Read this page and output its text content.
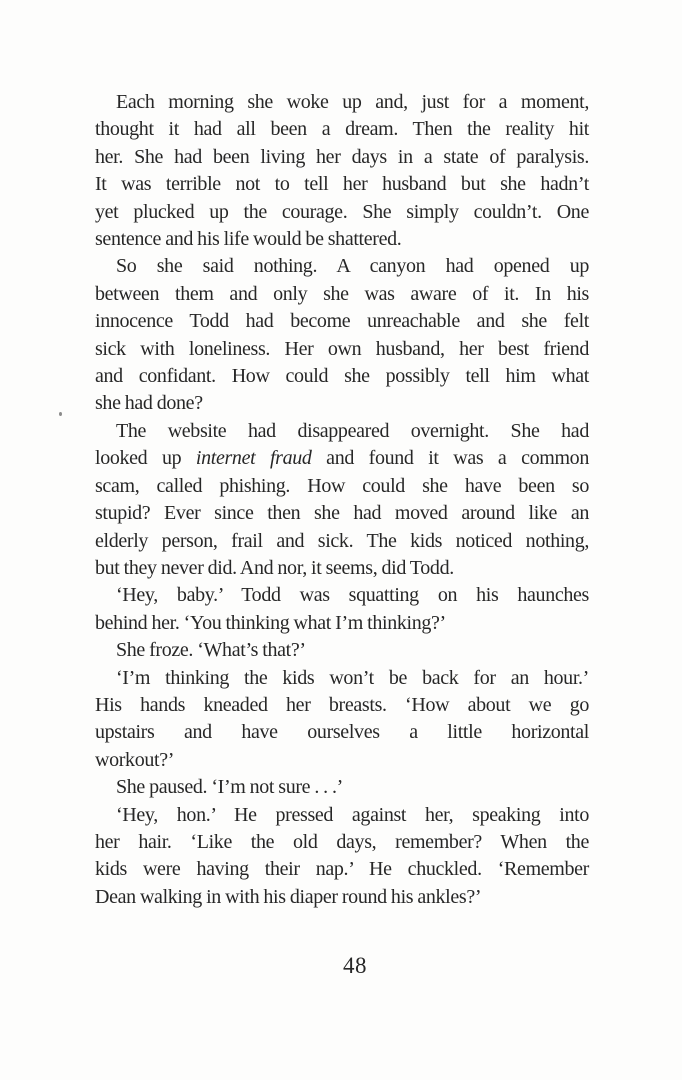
Each morning she woke up and, just for a moment,
thought it had all been a dream. Then the reality hit
her. She had been living her days in a state of paralysis.
It was terrible not to tell her husband but she hadn’t
yet plucked up the courage. She simply couldn’t. One
sentence and his life would be shattered.
So she said nothing. A canyon had opened up
between them and only she was aware of it. In his
innocence Todd had become unreachable and she felt
sick with loneliness. Her own husband, her best friend
and confidant. How could she possibly tell him what
she had done?
The website had disappeared overnight. She had
looked up internet fraud and found it was a common
scam, called phishing. How could she have been so
stupid? Ever since then she had moved around like an
elderly person, frail and sick. The kids noticed nothing,
but they never did. And nor, it seems, did Todd.
‘Hey, baby.’ Todd was squatting on his haunches
behind her. ‘You thinking what I’m thinking?’
She froze. ‘What’s that?’
‘I’m thinking the kids won’t be back for an hour.’
His hands kneaded her breasts. ‘How about we go
upstairs and have ourselves a little horizontal
workout?’
She paused. ‘I’m not sure . . .’
‘Hey, hon.’ He pressed against her, speaking into
her hair. ‘Like the old days, remember? When the
kids were having their nap.’ He chuckled. ‘Remember
Dean walking in with his diaper round his ankles?’
48
